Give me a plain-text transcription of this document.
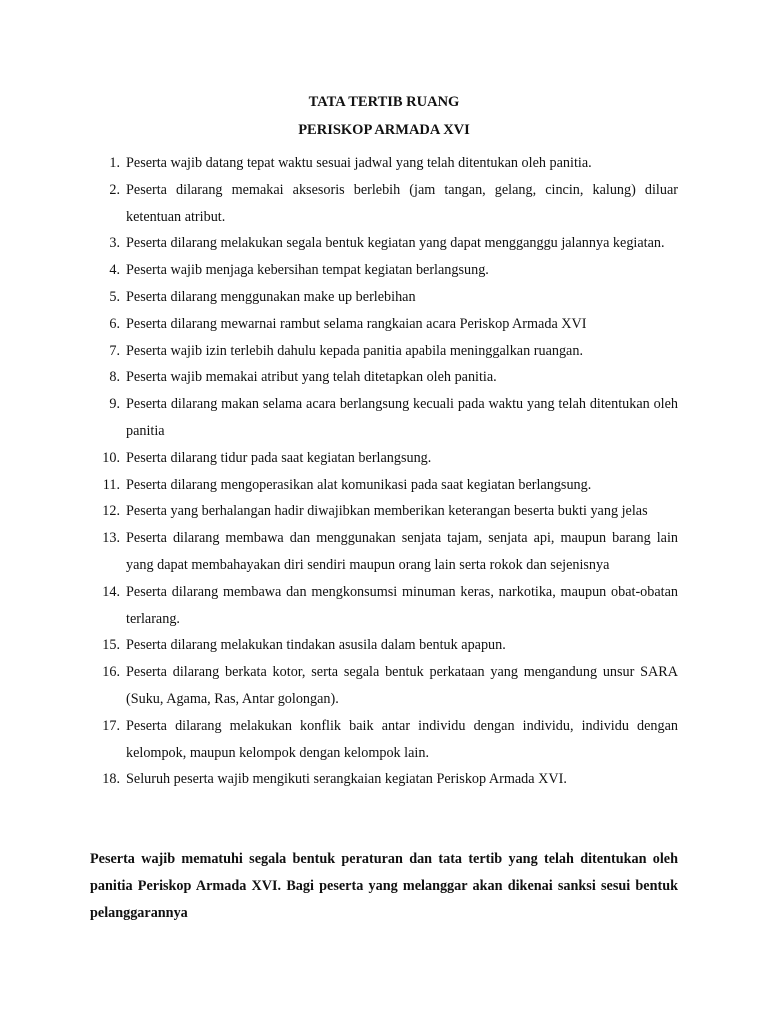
TATA TERTIB RUANG
PERISKOP ARMADA XVI
1. Peserta wajib datang tepat waktu sesuai jadwal yang telah ditentukan oleh panitia.
2. Peserta dilarang memakai aksesoris berlebih (jam tangan, gelang, cincin, kalung) diluar ketentuan atribut.
3. Peserta dilarang melakukan segala bentuk kegiatan yang dapat mengganggu jalannya kegiatan.
4. Peserta wajib menjaga kebersihan tempat kegiatan berlangsung.
5. Peserta dilarang menggunakan make up berlebihan
6. Peserta dilarang mewarnai rambut selama rangkaian acara Periskop Armada XVI
7. Peserta wajib izin terlebih dahulu kepada panitia apabila meninggalkan ruangan.
8. Peserta wajib memakai atribut yang telah ditetapkan oleh panitia.
9. Peserta dilarang makan selama acara berlangsung kecuali pada waktu yang telah ditentukan oleh panitia
10. Peserta dilarang tidur pada saat kegiatan berlangsung.
11. Peserta dilarang mengoperasikan alat komunikasi pada saat kegiatan berlangsung.
12. Peserta yang berhalangan hadir diwajibkan memberikan keterangan beserta bukti yang jelas
13. Peserta dilarang membawa dan menggunakan senjata tajam, senjata api, maupun barang lain yang dapat membahayakan diri sendiri maupun orang lain serta rokok dan sejenisnya
14. Peserta dilarang membawa dan mengkonsumsi minuman keras, narkotika, maupun obat-obatan terlarang.
15. Peserta dilarang melakukan tindakan asusila dalam bentuk apapun.
16. Peserta dilarang berkata kotor, serta segala bentuk perkataan yang mengandung unsur SARA (Suku, Agama, Ras, Antar golongan).
17. Peserta dilarang melakukan konflik baik antar individu dengan individu, individu dengan kelompok, maupun kelompok dengan kelompok lain.
18. Seluruh peserta wajib mengikuti serangkaian kegiatan Periskop Armada XVI.
Peserta wajib mematuhi segala bentuk peraturan dan tata tertib yang telah ditentukan oleh panitia Periskop Armada XVI. Bagi peserta yang melanggar akan dikenai sanksi sesui bentuk pelanggarannya
